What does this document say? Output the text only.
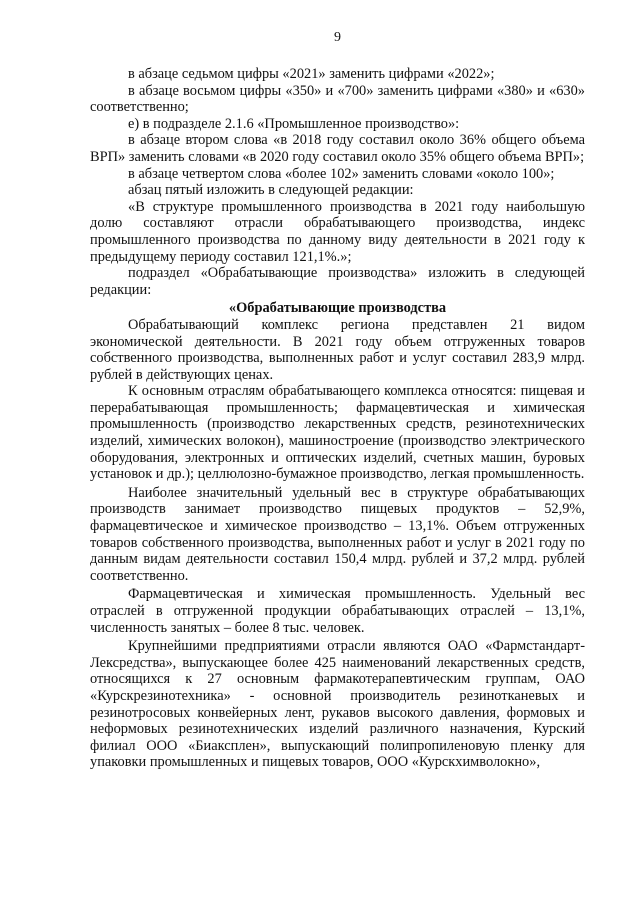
9

в абзаце седьмом цифры «2021» заменить цифрами «2022»;

в абзаце восьмом цифры «350» и «700» заменить цифрами «380» и «630» соответственно;

е) в подразделе 2.1.6 «Промышленное производство»:

в абзаце втором слова «в 2018 году составил около 36% общего объема ВРП» заменить словами «в 2020 году составил около 35% общего объема ВРП»;

в абзаце четвертом слова «более 102» заменить словами «около 100»;

абзац пятый изложить в следующей редакции:

«В структуре промышленного производства в 2021 году наибольшую долю составляют отрасли обрабатывающего производства, индекс промышленного производства по данному виду деятельности в 2021 году к предыдущему периоду составил 121,1%.»;

подраздел «Обрабатывающие производства» изложить в следующей редакции:

«Обрабатывающие производства

Обрабатывающий комплекс региона представлен 21 видом экономической деятельности. В 2021 году объем отгруженных товаров собственного производства, выполненных работ и услуг составил 283,9 млрд. рублей в действующих ценах.

К основным отраслям обрабатывающего комплекса относятся: пищевая и перерабатывающая промышленность; фармацевтическая и химическая промышленность (производство лекарственных средств, резинотехнических изделий, химических волокон), машиностроение (производство электрического оборудования, электронных и оптических изделий, счетных машин, буровых установок и др.); целлюлозно-бумажное производство, легкая промышленность.

Наиболее значительный удельный вес в структуре обрабатывающих производств занимает производство пищевых продуктов – 52,9%, фармацевтическое и химическое производство – 13,1%. Объем отгруженных товаров собственного производства, выполненных работ и услуг в 2021 году по данным видам деятельности составил 150,4 млрд. рублей и 37,2 млрд. рублей соответственно.

Фармацевтическая и химическая промышленность. Удельный вес отраслей в отгруженной продукции обрабатывающих отраслей – 13,1%, численность занятых – более 8 тыс. человек.

Крупнейшими предприятиями отрасли являются ОАО «Фармстандарт-Лексредства», выпускающее более 425 наименований лекарственных средств, относящихся к 27 основным фармакотерапевтическим группам, ОАО «Курскрезинотехника» - основной производитель резинотканевых и резинотросовых конвейерных лент, рукавов высокого давления, формовых и неформовых резинотехнических изделий различного назначения, Курский филиал ООО «Биаксплен», выпускающий полипропиленовую пленку для упаковки промышленных и пищевых товаров, ООО «Курскхимволокно»,
